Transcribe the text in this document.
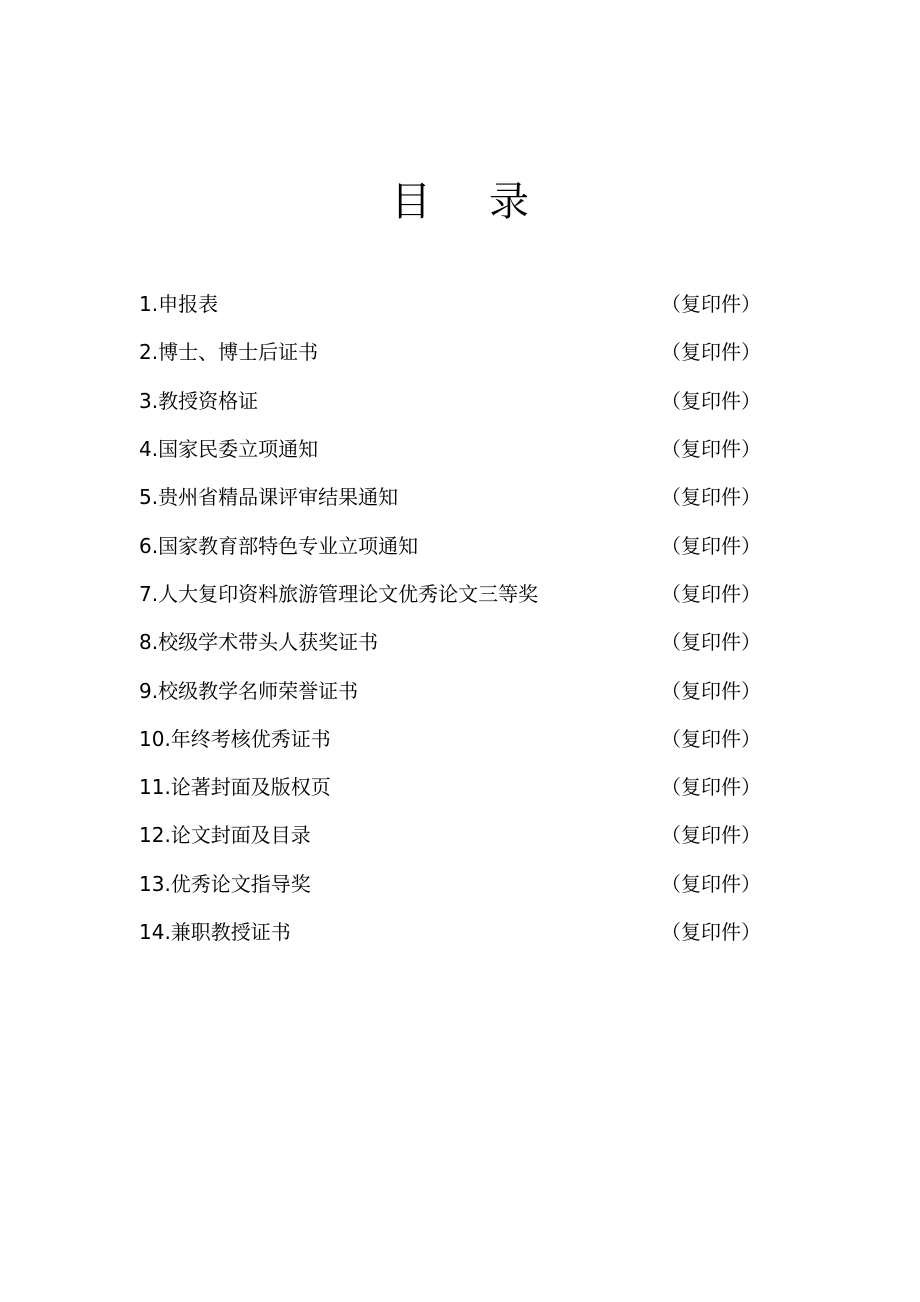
目 录
1.申报表	（复印件）
2.博士、博士后证书	（复印件）
3.教授资格证	（复印件）
4.国家民委立项通知	（复印件）
5.贵州省精品课评审结果通知	（复印件）
6.国家教育部特色专业立项通知	（复印件）
7.人大复印资料旅游管理论文优秀论文三等奖	（复印件）
8.校级学术带头人获奖证书	（复印件）
9.校级教学名师荣誉证书	（复印件）
10.年终考核优秀证书	（复印件）
11.论著封面及版权页	（复印件）
12.论文封面及目录	（复印件）
13.优秀论文指导奖	（复印件）
14.兼职教授证书	（复印件）
